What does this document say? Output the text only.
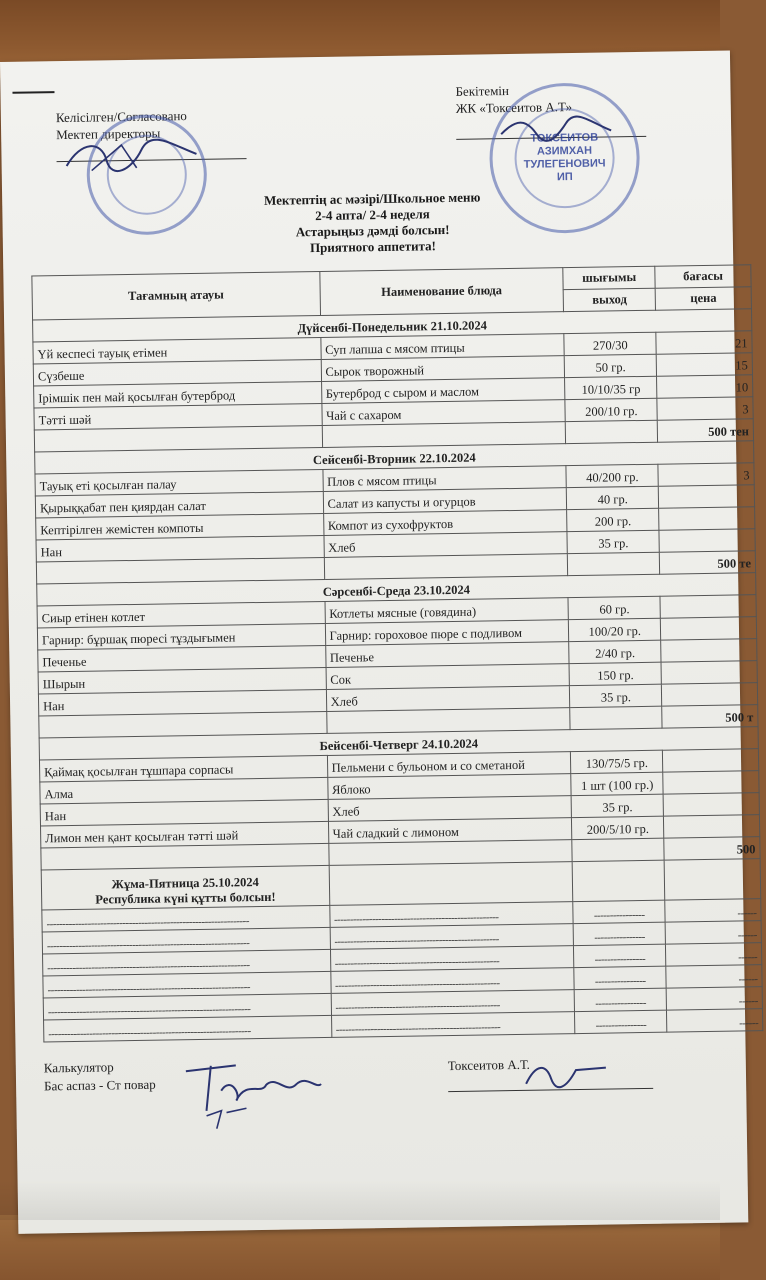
Келісілген/Согласовано
Мектеп директоры
Бекітемін
ЖК «Токсеитов А.Т»
ТОКСЕИТОВ
АЗИМХАН
ТУЛЕГЕНОВИЧ
ИП
Мектептің ас мәзірі/Школьное меню
2-4 апта/ 2-4 неделя
Астарыңыз дәмді болсын!
Приятного аппетита!
Тағамның атауы	Наименование блюда	шығымы	бағасы
		выход	цена
Дүйсенбі-Понедельник 21.10.2024			
Үй кеспесі тауық етімен	Суп лапша с мясом птицы	270/30	21
Сүзбеше	Сырок творожный	50 гр.	15
Ірімшік пен май қосылған бутерброд	Бутерброд с сыром и маслом	10/10/35 гр	10
Тәтті шәй	Чай с сахаром	200/10 гр.	3
			500 тен
Сейсенбі-Вторник 22.10.2024			
Тауық еті қосылған палау	Плов с мясом птицы	40/200 гр.	3
Қырыққабат пен қиярдан салат	Салат из капусты и огурцов	40 гр.	
Кептірілген жемістен компоты	Компот из сухофруктов	200 гр.	
Нан	Хлеб	35 гр.	
			500 те
Сәрсенбі-Среда 23.10.2024			
Сиыр етінен котлет	Котлеты мясные (говядина)	60 гр.	
Гарнир: бұршақ пюресі тұздығымен	Гарнир: гороховое пюре с подливом	100/20 гр.	
Печенье	Печенье	2/40 гр.	
Шырын	Сок	150 гр.	
Нан	Хлеб	35 гр.	
			500 т
Бейсенбі-Четверг 24.10.2024			
Қаймақ қосылған тұшпара сорпасы	Пельмени с бульоном и со сметаной	130/75/5 гр.	
Алма	Яблоко	1 шт (100 гр.)	
Нан	Хлеб	35 гр.	
Лимон мен қант қосылған тәтті шәй	Чай сладкий с лимоном	200/5/10 гр.	
			500

Жұма-Пятница 25.10.2024
Республика күні құтты болсын!			

----------------------------------------------------------------	----------------------------------------------------	----------------	------
----------------------------------------------------------------	----------------------------------------------------	----------------	------
----------------------------------------------------------------	----------------------------------------------------	----------------	------
----------------------------------------------------------------	----------------------------------------------------	----------------	------
----------------------------------------------------------------	----------------------------------------------------	----------------	------
----------------------------------------------------------------	----------------------------------------------------	----------------	------
Калькулятор
Бас аспаз - Ст повар
Токсеитов А.Т.
